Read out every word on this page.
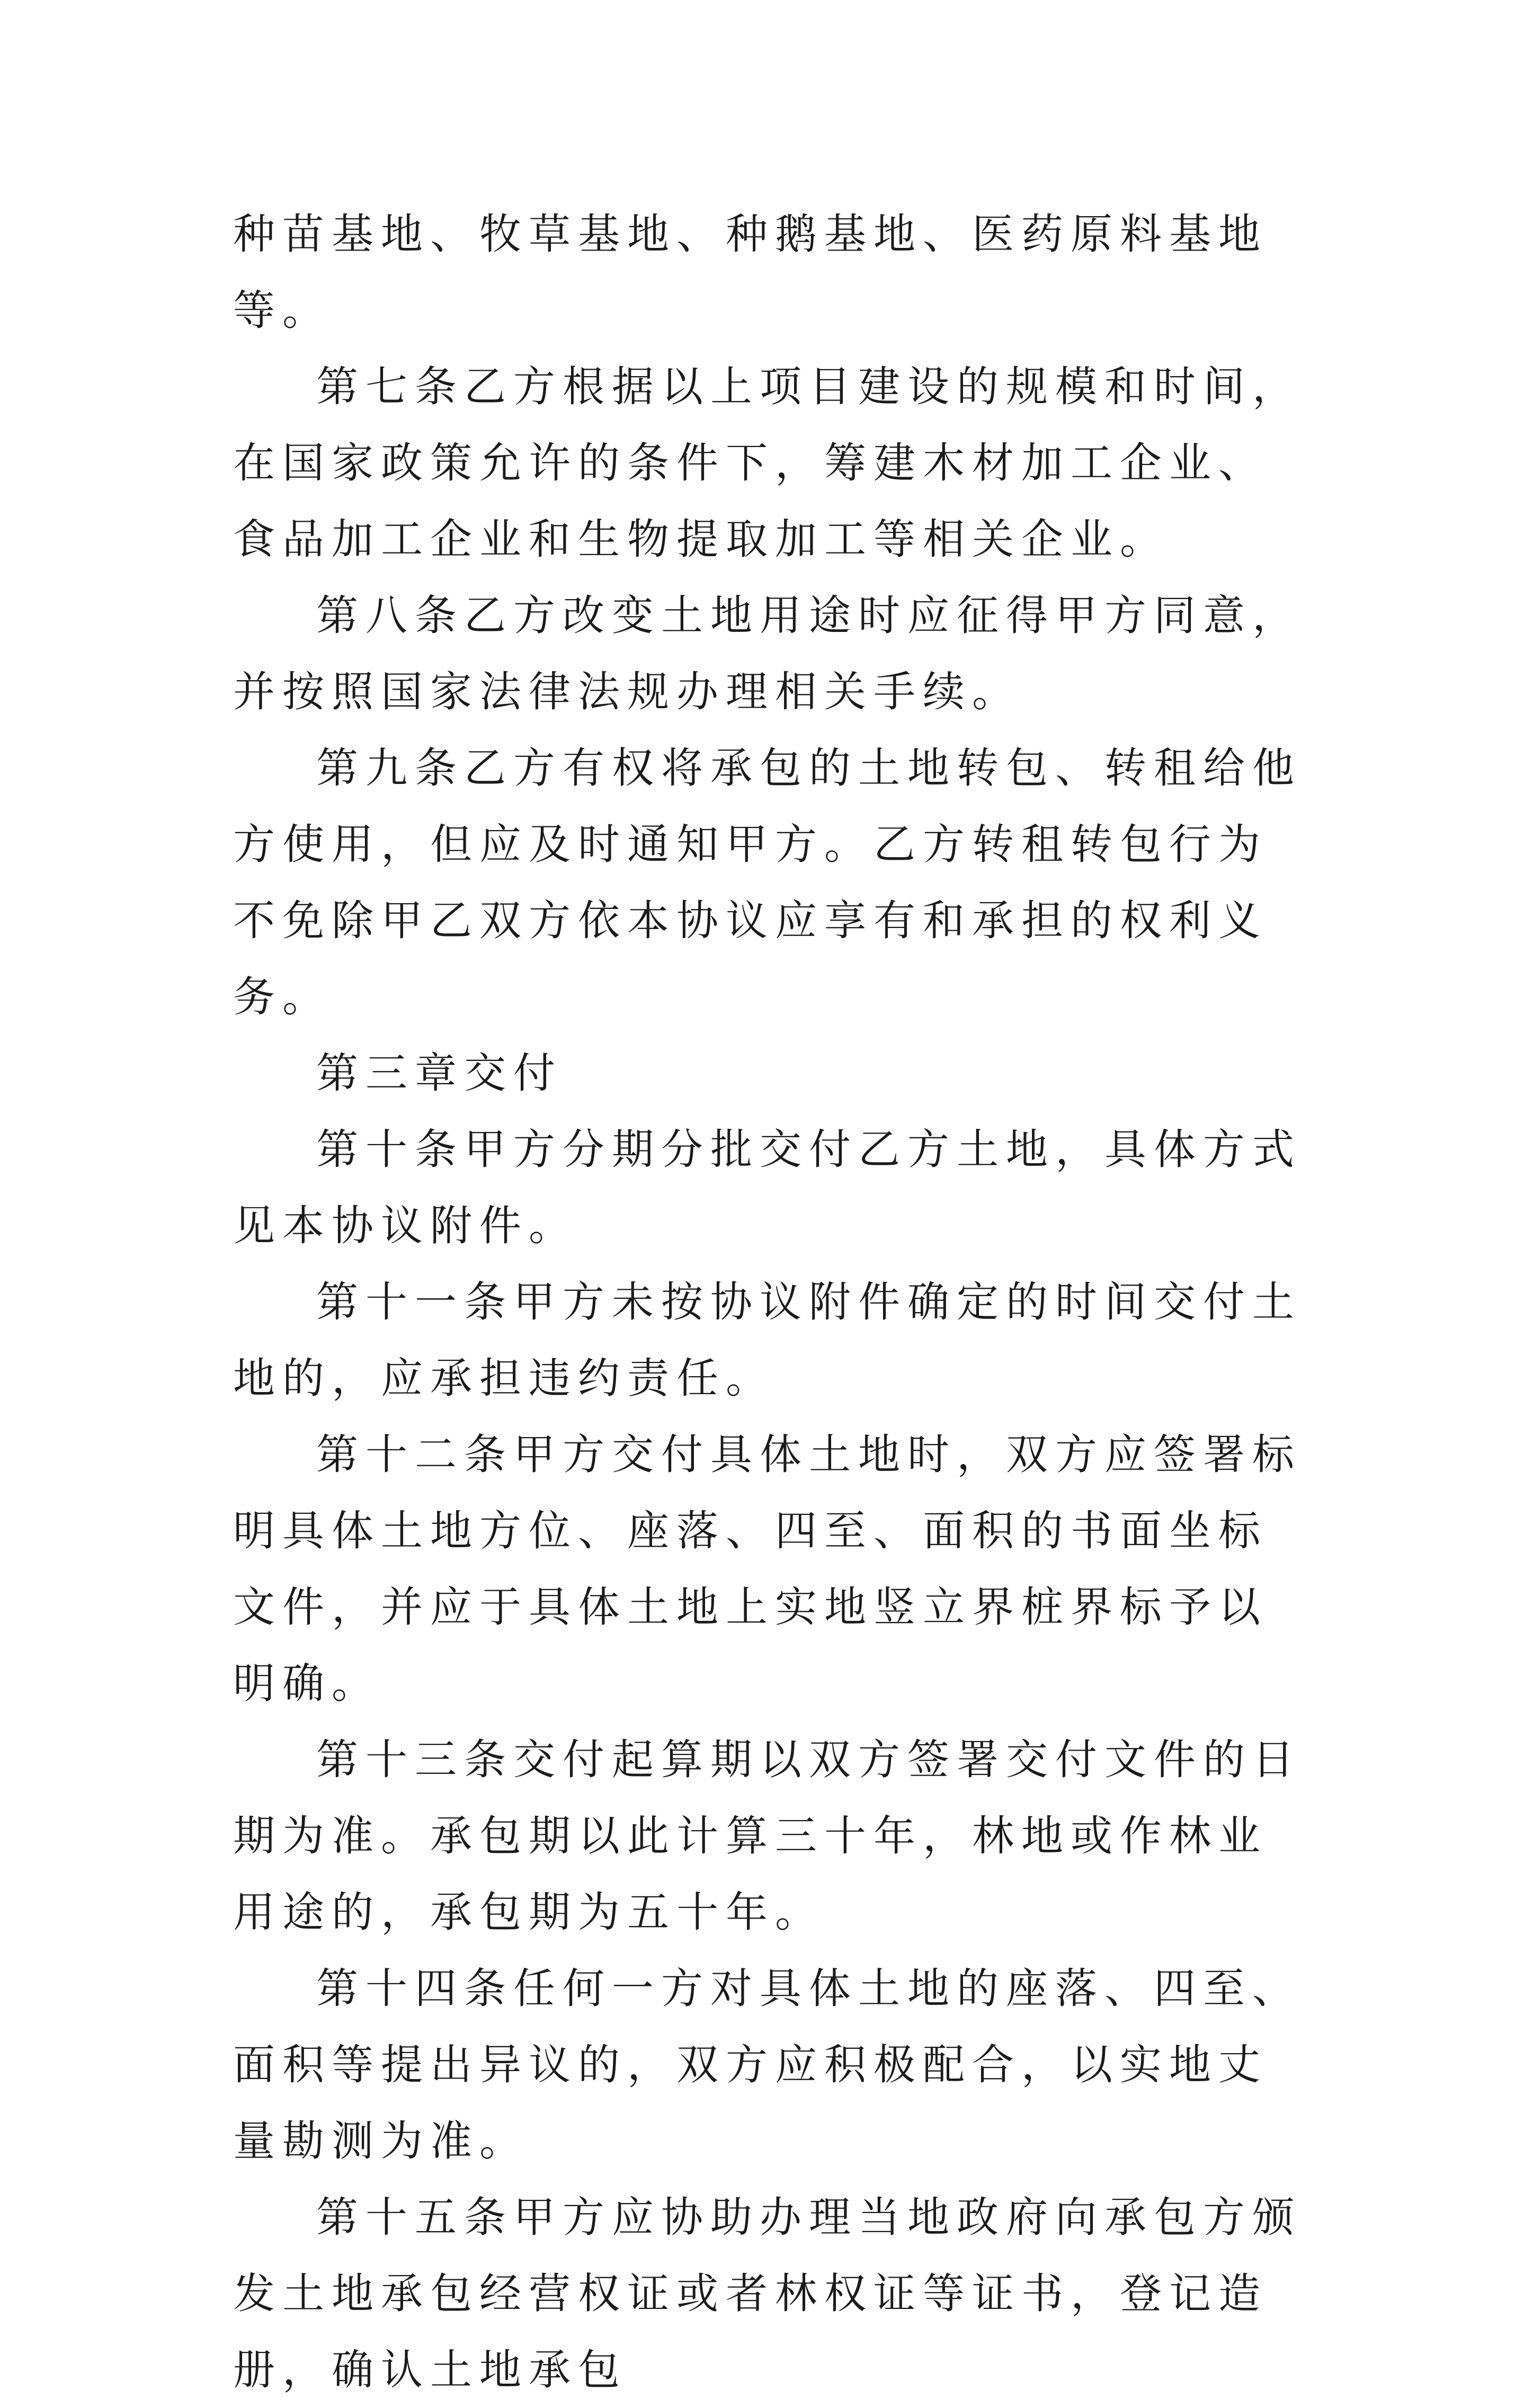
种苗基地、牧草基地、种鹅基地、医药原料基地等。

第七条乙方根据以上项目建设的规模和时间，在国家政策允许的条件下，筹建木材加工企业、食品加工企业和生物提取加工等相关企业。

第八条乙方改变土地用途时应征得甲方同意，并按照国家法律法规办理相关手续。

第九条乙方有权将承包的土地转包、转租给他方使用，但应及时通知甲方。乙方转租转包行为不免除甲乙双方依本协议应享有和承担的权利义务。

第三章交付

第十条甲方分期分批交付乙方土地，具体方式见本协议附件。

第十一条甲方未按协议附件确定的时间交付土地的，应承担违约责任。

第十二条甲方交付具体土地时，双方应签署标明具体土地方位、座落、四至、面积的书面坐标文件，并应于具体土地上实地竖立界桩界标予以明确。

第十三条交付起算期以双方签署交付文件的日期为准。承包期以此计算三十年，林地或作林业用途的，承包期为五十年。

第十四条任何一方对具体土地的座落、四至、面积等提出异议的，双方应积极配合，以实地丈量勘测为准。

第十五条甲方应协助办理当地政府向承包方颁发土地承包经营权证或者林权证等证书，登记造册，确认土地承包
